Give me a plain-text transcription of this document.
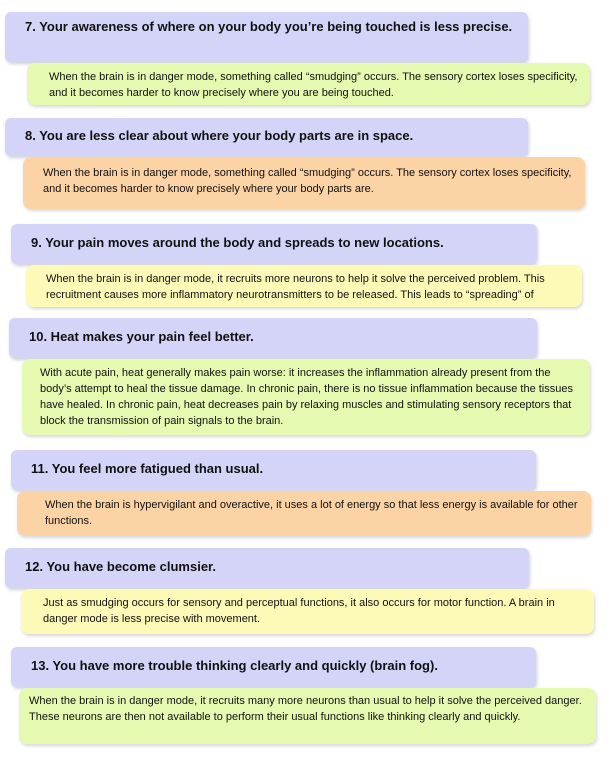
7. Your awareness of where on your body you’re being touched is less precise.
When the brain is in danger mode, something called “smudging” occurs. The sensory cortex loses specificity, and it becomes harder to know precisely where you are being touched.
8. You are less clear about where your body parts are in space.
When the brain is in danger mode, something called “smudging” occurs. The sensory cortex loses specificity, and it becomes harder to know precisely where your body parts are.
9. Your pain moves around the body and spreads to new locations.
When the brain is in danger mode, it recruits more neurons to help it solve the perceived problem. This recruitment causes more inflammatory neurotransmitters to be released. This leads to “spreading” of
10. Heat makes your pain feel better.
With acute pain, heat generally makes pain worse: it increases the inflammation already present from the body’s attempt to heal the tissue damage. In chronic pain, there is no tissue inflammation because the tissues have healed. In chronic pain, heat decreases pain by relaxing muscles and stimulating sensory receptors that block the transmission of pain signals to the brain.
11. You feel more fatigued than usual.
When the brain is hypervigilant and overactive, it uses a lot of energy so that less energy is available for other functions.
12. You have become clumsier.
Just as smudging occurs for sensory and perceptual functions, it also occurs for motor function. A brain in danger mode is less precise with movement.
13. You have more trouble thinking clearly and quickly (brain fog).
When the brain is in danger mode, it recruits many more neurons than usual to help it solve the perceived danger. These neurons are then not available to perform their usual functions like thinking clearly and quickly.
